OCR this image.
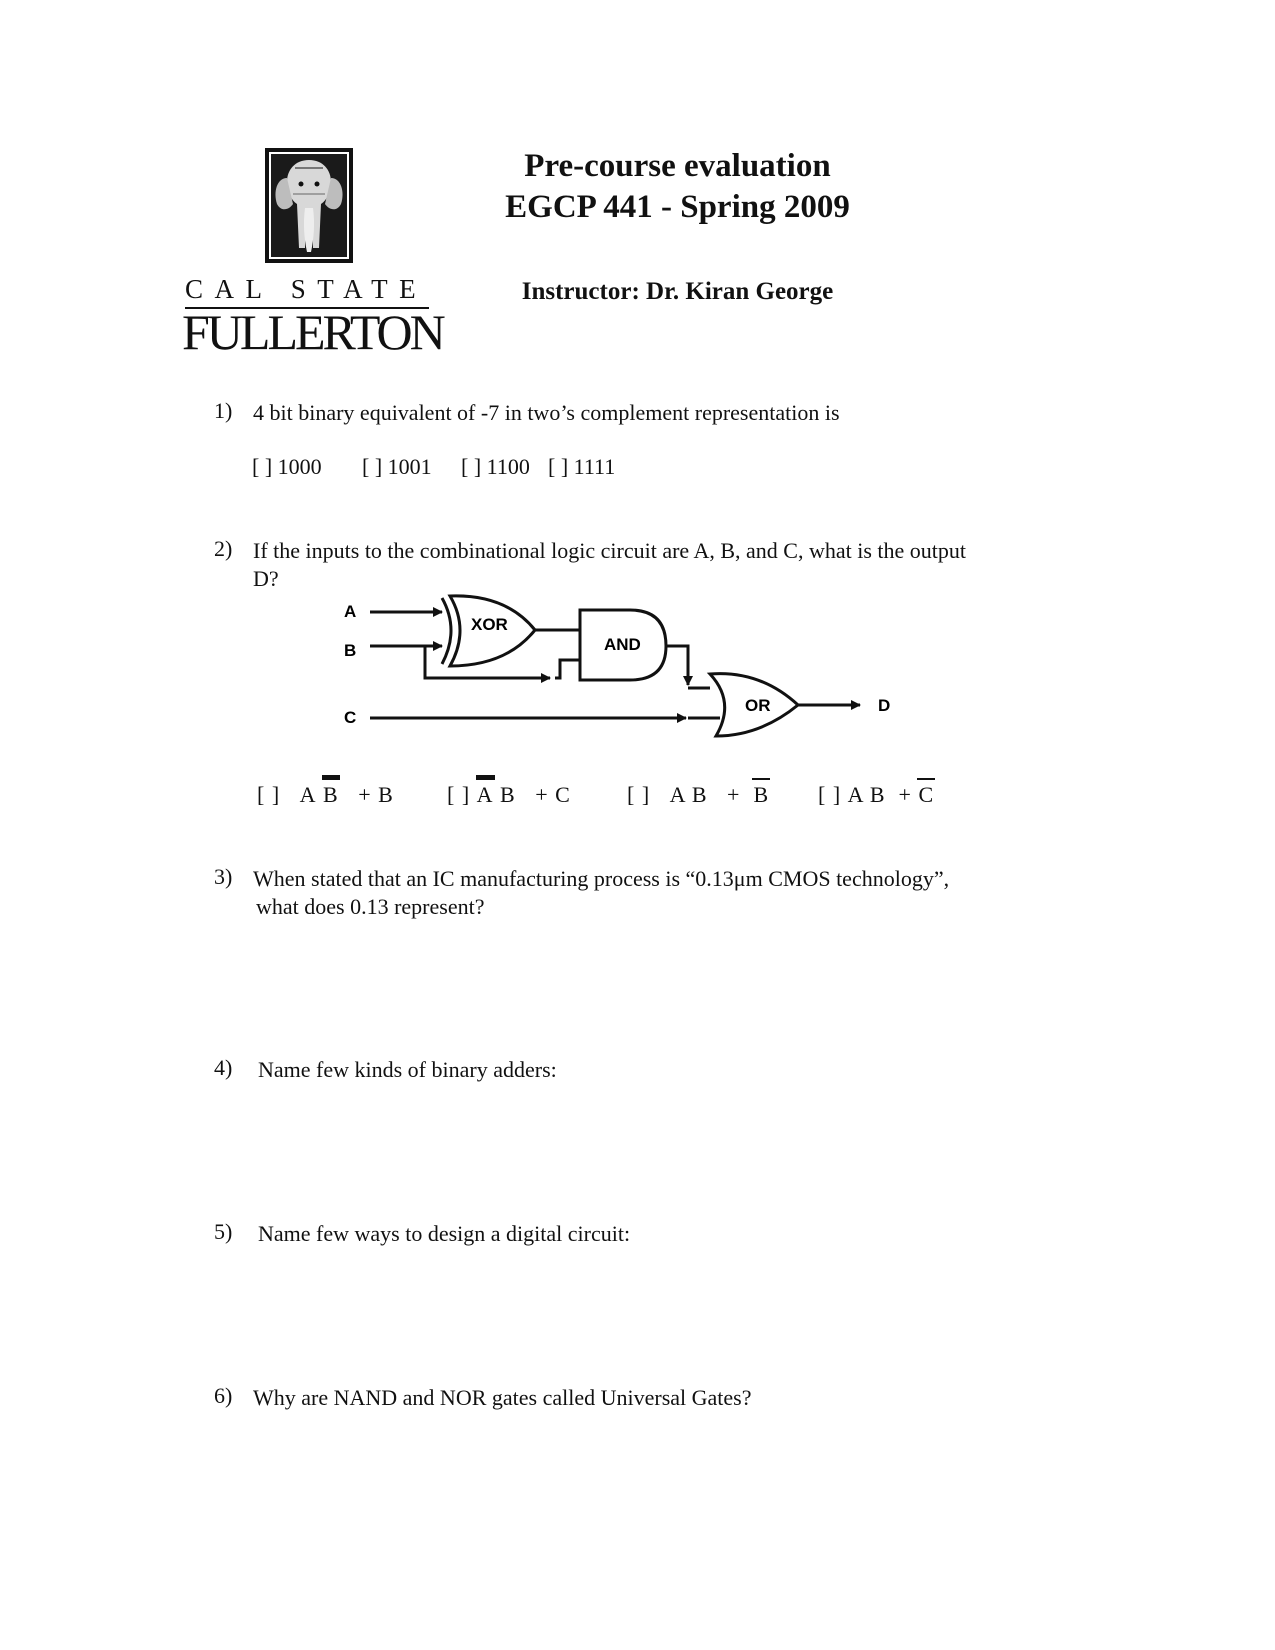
CAL STATE
FULLERTON
Pre-course evaluation
EGCP 441 - Spring 2009
Instructor: Dr. Kiran George
1) 4 bit binary equivalent of -7 in two’s complement representation is
[ ] 1000 [ ] 1001 [ ] 1100 [ ] 1111
2) If the inputs to the combinational logic circuit are A, B, and C, what is the output
D?
A
B
C
XOR
AND
OR	D
[ ] A B + B [ ] A B + C	[ ] A B + B [ ] A B + C
3) When stated that an IC manufacturing process is “0.13μm CMOS technology”,
what does 0.13 represent?
4) Name few kinds of binary adders:
5) Name few ways to design a digital circuit:
6) Why are NAND and NOR gates called Universal Gates?
